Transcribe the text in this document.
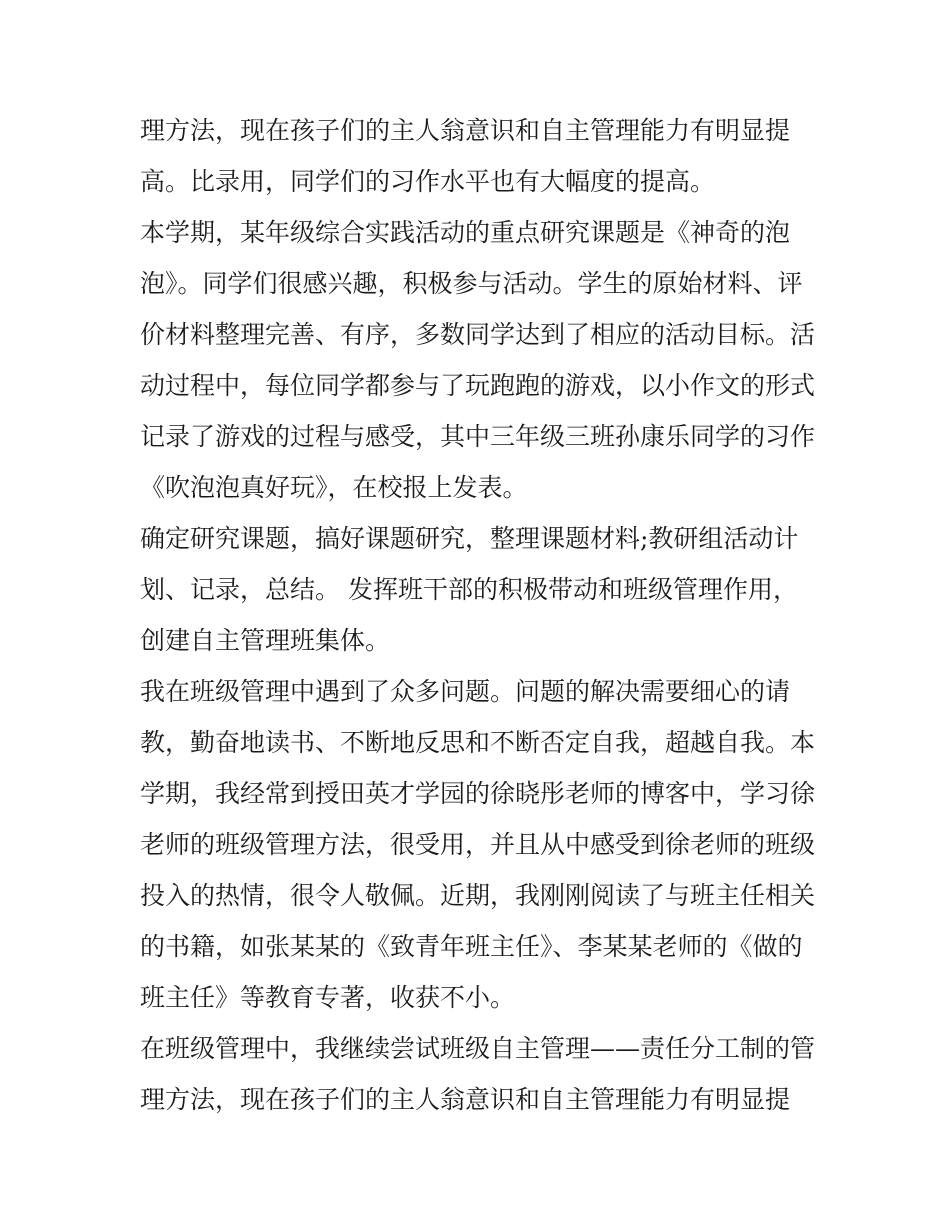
理方法，现在孩子们的主人翁意识和自主管理能力有明显提
高。比录用，同学们的习作水平也有大幅度的提高。
本学期，某年级综合实践活动的重点研究课题是《神奇的泡
泡》。同学们很感兴趣，积极参与活动。学生的原始材料、评
价材料整理完善、有序，多数同学达到了相应的活动目标。活
动过程中，每位同学都参与了玩跑跑的游戏，以小作文的形式
记录了游戏的过程与感受，其中三年级三班孙康乐同学的习作
《吹泡泡真好玩》，在校报上发表。
确定研究课题，搞好课题研究，整理课题材料;教研组活动计
划、记录，总结。 发挥班干部的积极带动和班级管理作用，
创建自主管理班集体。
我在班级管理中遇到了众多问题。问题的解决需要细心的请
教，勤奋地读书、不断地反思和不断否定自我，超越自我。本
学期，我经常到授田英才学园的徐晓彤老师的博客中，学习徐
老师的班级管理方法，很受用，并且从中感受到徐老师的班级
投入的热情，很令人敬佩。近期，我刚刚阅读了与班主任相关
的书籍，如张某某的《致青年班主任》、李某某老师的《做的
班主任》等教育专著，收获不小。
在班级管理中，我继续尝试班级自主管理——责任分工制的管
理方法，现在孩子们的主人翁意识和自主管理能力有明显提
